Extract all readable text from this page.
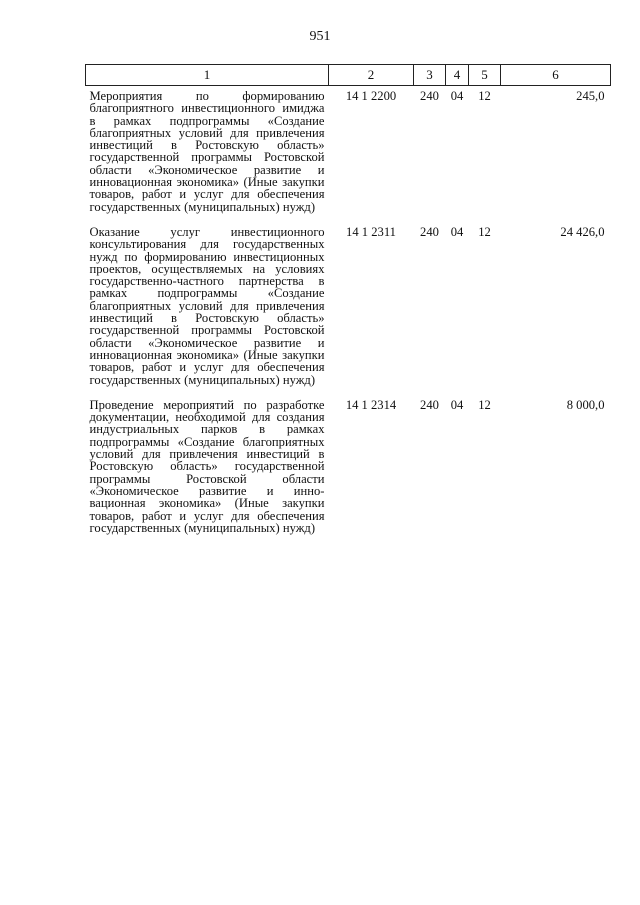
951
1	2	3	4	5	6
Мероприятия по формированию благоприятного инвестиционного имиджа в рамках подпрограммы «Создание благоприятных условий для привлечения инвестиций в Ростовскую область» государственной программы Ростовской области «Экономическое развитие и инновационная экономика» (Иные закупки товаров, работ и услуг для обеспечения государственных (муниципальных) нужд)	14 1 2200	240	04	12	245,0
Оказание услуг инвестиционного консультирования для государственных нужд по формированию инвестиционных проектов, осуществляемых на условиях государственно-частного партнерства в рамках подпрограммы «Создание благоприятных условий для привлечения инвестиций в Ростовскую область» государственной программы Ростовской области «Экономическое развитие и инновационная экономика» (Иные закупки товаров, работ и услуг для обеспечения государственных (муниципальных) нужд)	14 1 2311	240	04	12	24 426,0
Проведение мероприятий по разработке документации, необходимой для создания индустриальных парков в рамках подпрограммы «Создание благоприятных условий для привлечения инвестиций в Ростовскую область» государственной программы Ростовской области «Экономическое развитие и инновационная экономика» (Иные закупки товаров, работ и услуг для обеспечения государственных (муниципальных) нужд)	14 1 2314	240	04	12	8 000,0
